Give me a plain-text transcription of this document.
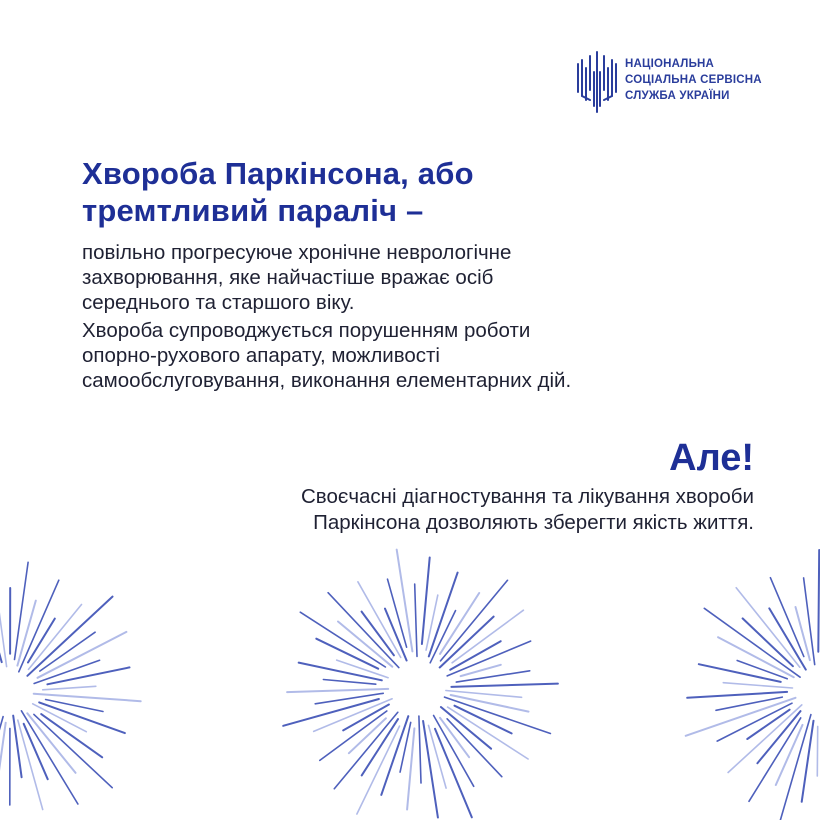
НАЦІОНАЛЬНА
СОЦІАЛЬНА СЕРВІСНА
СЛУЖБА УКРАЇНИ
Хвороба Паркінсона, або
тремтливий параліч –
повільно прогресуюче хронічне неврологічне
захворювання, яке найчастіше вражає осіб
середнього та старшого віку.
Хвороба супроводжується порушенням роботи
опорно-рухового апарату, можливості
самообслуговування, виконання елементарних дій.
Але!
Своєчасні діагностування та лікування хвороби
Паркінсона дозволяють зберегти якість життя.
